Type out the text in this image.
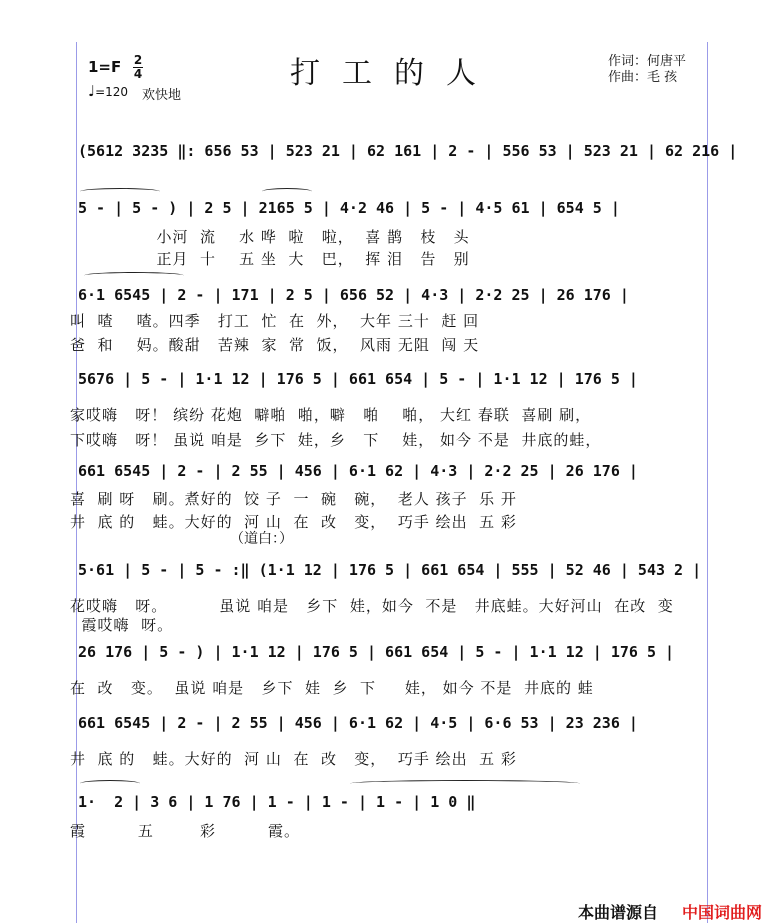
1=F 2
4
♩=120 欢快地
打工的人	作词：何唐平
作曲：毛 孩
(5612 3235 ‖: 656 53 | 523 21 | 62 161 | 2 - | 556 53 | 523 21 | 62 216 |
5 - | 5 - ) | 2 5 | 2165 5 | 4·2 46 | 5 - | 4·5 61 | 654 5 |
小河  流    水 哗  啦   啦，  喜 鹊   枝   头
正月  十    五 坐  大   巴，  挥 泪   告   别
6·1 6545 | 2 - | 171 | 2 5 | 656 52 | 4·3 | 2·2 25 | 26 176 |
叫  喳    喳。四季   打工  忙  在  外，  大年 三十  赶 回
爸  和    妈。酸甜   苦辣  家  常  饭，  风雨 无阻  闯 天
5676 | 5 - | 1·1 12 | 176 5 | 661 654 | 5 - | 1·1 12 | 176 5 |
家哎嗨   呀！ 缤纷 花炮  噼啪  啪，噼   啪    啪， 大红 春联  喜刷 刷，
下哎嗨   呀！ 虽说 咱是  乡下  娃，乡   下    娃， 如今 不是  井底的蛙，
661 6545 | 2 - | 2 55 | 456 | 6·1 62 | 4·3 | 2·2 25 | 26 176 |
喜  刷 呀   刷。煮好的  饺 子  一  碗   碗，  老人 孩子  乐 开
井  底 的   蛙。大好的  河 山  在  改   变，  巧手 绘出  五 彩
（道白：）
5·61 | 5 - | 5 - :‖ (1·1 12 | 176 5 | 661 654 | 555 | 52 46 | 543 2 |
花哎嗨   呀。         虽说 咱是   乡下  娃，如今  不是   井底蛙。大好河山  在改  变
霞哎嗨  呀。
26 176 | 5 - ) | 1·1 12 | 176 5 | 661 654 | 5 - | 1·1 12 | 176 5 |
在  改   变。  虽说 咱是   乡下  娃  乡  下     娃， 如今 不是  井底的 蛙
661 6545 | 2 - | 2 55 | 456 | 6·1 62 | 4·5 | 6·6 53 | 23 236 |
井  底 的   蛙。大好的  河 山  在  改   变，  巧手 绘出  五 彩
1·  2 | 3 6 | 1 76 | 1 - | 1 - | 1 - | 1 0 ‖
霞         五        彩         霞。
本曲谱源自 中国词曲网
